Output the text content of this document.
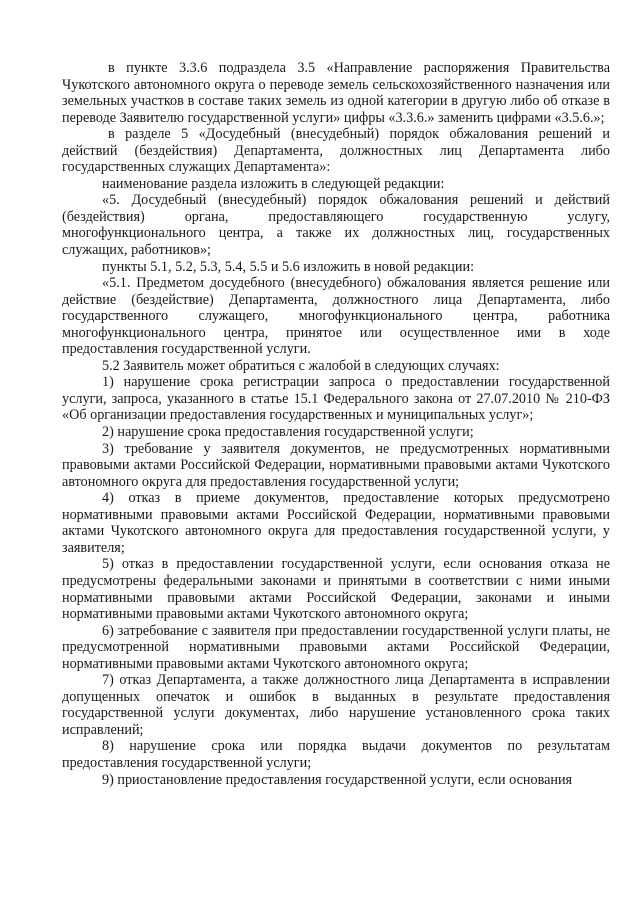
в пункте 3.3.6 подраздела 3.5 «Направление распоряжения Правительства Чукотского автономного округа о переводе земель сельскохозяйственного назначения или земельных участков в составе таких земель из одной категории в другую либо об отказе в переводе Заявителю государственной услуги» цифры «3.3.6.» заменить цифрами «3.5.6.»;

в разделе 5 «Досудебный (внесудебный) порядок обжалования решений и действий (бездействия) Департамента, должностных лиц Департамента либо государственных служащих Департамента»:

наименование раздела изложить в следующей редакции:

«5. Досудебный (внесудебный) порядок обжалования решений и действий (бездействия) органа, предоставляющего государственную услугу, многофункционального центра, а также их должностных лиц, государственных служащих, работников»;

пункты 5.1, 5.2, 5.3, 5.4, 5.5 и 5.6 изложить в новой редакции:

«5.1. Предметом досудебного (внесудебного) обжалования является решение или действие (бездействие) Департамента, должностного лица Департамента, либо государственного служащего, многофункционального центра, работника многофункционального центра, принятое или осуществленное ими в ходе предоставления государственной услуги.

5.2 Заявитель может обратиться с жалобой в следующих случаях:

1) нарушение срока регистрации запроса о предоставлении государственной услуги, запроса, указанного в статье 15.1 Федерального закона от 27.07.2010 № 210-ФЗ «Об организации предоставления государственных и муниципальных услуг»;

2) нарушение срока предоставления государственной услуги;

3) требование у заявителя документов, не предусмотренных нормативными правовыми актами Российской Федерации, нормативными правовыми актами Чукотского автономного округа для предоставления государственной услуги;

4) отказ в приеме документов, предоставление которых предусмотрено нормативными правовыми актами Российской Федерации, нормативными правовыми актами Чукотского автономного округа для предоставления государственной услуги, у заявителя;

5) отказ в предоставлении государственной услуги, если основания отказа не предусмотрены федеральными законами и принятыми в соответствии с ними иными нормативными правовыми актами Российской Федерации, законами и иными нормативными правовыми актами Чукотского автономного округа;

6) затребование с заявителя при предоставлении государственной услуги платы, не предусмотренной нормативными правовыми актами Российской Федерации, нормативными правовыми актами Чукотского автономного округа;

7) отказ Департамента, а также должностного лица Департамента в исправлении допущенных опечаток и ошибок в выданных в результате предоставления государственной услуги документах, либо нарушение установленного срока таких исправлений;

8) нарушение срока или порядка выдачи документов по результатам предоставления государственной услуги;

9) приостановление предоставления государственной услуги, если основания
